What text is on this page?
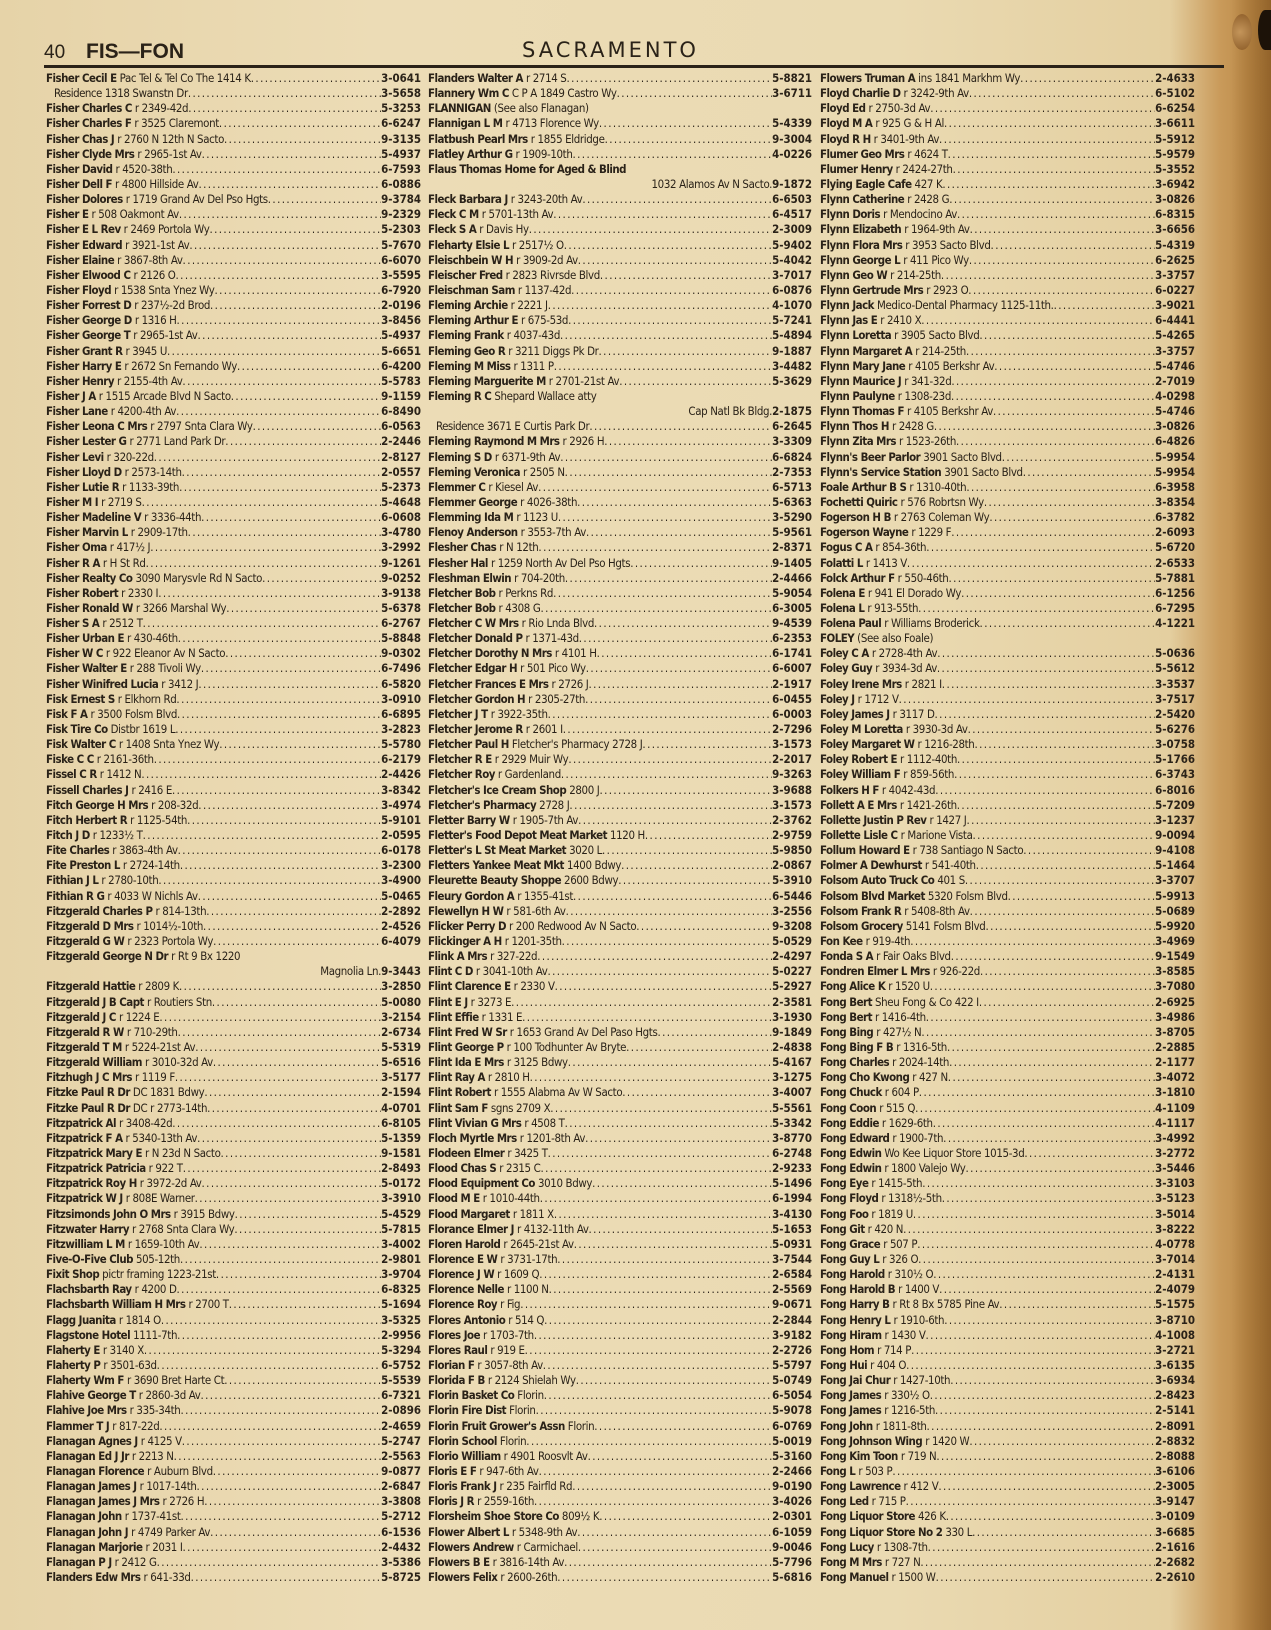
40 FIS—FON	SACRAMENTO
Fisher Cecil E Pac Tel & Tel Co The 1414 K .....	3-0641
Residence 1318 Swanstn Dr .....	3-5658
Fisher Charles C r 2349-42d .....	5-3253
Fisher Charles F r 3525 Claremont .....	6-6247
Fisher Chas J r 2760 N 12th N Sacto .....	9-3135
Fisher Clyde Mrs r 2965-1st Av .....	5-4937
Fisher David r 4520-38th .....	6-7593
Fisher Dell F r 4800 Hillside Av .....	6-0886
Fisher Dolores r 1719 Grand Av Del Pso Hgts .....	9-3784
Fisher E r 508 Oakmont Av .....	9-2329
Fisher E L Rev r 2469 Portola Wy .....	5-2303
Fisher Edward r 3921-1st Av .....	5-7670
Fisher Elaine r 3867-8th Av .....	6-6070
Fisher Elwood C r 2126 O .....	3-5595
Fisher Floyd r 1538 Snta Ynez Wy .....	6-7920
Fisher Forrest D r 237½-2d Brod .....	2-0196
Fisher George D r 1316 H .....	3-8456
Fisher George T r 2965-1st Av .....	5-4937
Fisher Grant R r 3945 U .....	5-6651
Fisher Harry E r 2672 Sn Fernando Wy .....	6-4200
Fisher Henry r 2155-4th Av .....	5-5783
Fisher J A r 1515 Arcade Blvd N Sacto .....	9-1159
Fisher Lane r 4200-4th Av .....	6-8490
Fisher Leona C Mrs r 2797 Snta Clara Wy .....	6-0563
Fisher Lester G r 2771 Land Park Dr .....	2-2446
Fisher Levi r 320-22d .....	2-8127
Fisher Lloyd D r 2573-14th .....	2-0557
Fisher Lutie R r 1133-39th .....	5-2373
Fisher M I r 2719 S .....	5-4648
Fisher Madeline V r 3336-44th .....	6-0608
Fisher Marvin L r 2909-17th .....	3-4780
Fisher Oma r 417½ J .....	3-2992
Fisher R A r H St Rd .....	9-1261
Fisher Realty Co 3090 Marysvle Rd N Sacto .....	9-0252
Fisher Robert r 2330 I .....	3-9138
Fisher Ronald W r 3266 Marshal Wy .....	5-6378
Fisher S A r 2512 T .....	6-2767
Fisher Urban E r 430-46th .....	5-8848
Fisher W C r 922 Eleanor Av N Sacto .....	9-0302
Fisher Walter E r 288 Tivoli Wy .....	6-7496
Fisher Winifred Lucia r 3412 J .....	6-5820
Fisk Ernest S r Elkhorn Rd .....	3-0910
Fisk F A r 3500 Folsm Blvd .....	6-6895
Fisk Tire Co Distbr 1619 L .....	3-2823
Fisk Walter C r 1408 Snta Ynez Wy .....	5-5780
Fiske C C r 2161-36th .....	6-2179
Fissel C R r 1412 N .....	2-4426
Fissell Charles J r 2416 E .....	3-8342
Fitch George H Mrs r 208-32d .....	3-4974
Fitch Herbert R r 1125-54th .....	5-9101
Fitch J D r 1233½ T .....	2-0595
Fite Charles r 3863-4th Av .....	6-0178
Fite Preston L r 2724-14th .....	3-2300
Fithian J L r 2780-10th .....	3-4900
Fithian R G r 4033 W Nichls Av .....	5-0465
Fitzgerald Charles P r 814-13th .....	2-2892
Fitzgerald D Mrs r 1014½-10th .....	2-4526
Fitzgerald G W r 2323 Portola Wy .....	6-4079
Fitzgerald George N Dr r Rt 9 Bx 1220
Magnolia Ln. 9-3443
Fitzgerald Hattie r 2809 K .....	3-2850
Fitzgerald J B Capt r Routiers Stn .....	5-0080
Fitzgerald J C r 1224 E .....	3-2154
Fitzgerald R W r 710-29th .....	2-6734
Fitzgerald T M r 5224-21st Av .....	5-5319
Fitzgerald William r 3010-32d Av .....	5-6516
Fitzhugh J C Mrs r 1119 F .....	3-5177
Fitzke Paul R Dr DC 1831 Bdwy .....	2-1594
Fitzke Paul R Dr DC r 2773-14th .....	4-0701
Fitzpatrick Al r 3408-42d .....	6-8105
Fitzpatrick F A r 5340-13th Av .....	5-1359
Fitzpatrick Mary E r N 23d N Sacto .....	9-1581
Fitzpatrick Patricia r 922 T .....	2-8493
Fitzpatrick Roy H r 3972-2d Av .....	5-0172
Fitzpatrick W J r 808E Warner .....	3-3910
Fitzsimonds John O Mrs r 3915 Bdwy .....	5-4529
Fitzwater Harry r 2768 Snta Clara Wy .....	5-7815
Fitzwilliam L M r 1659-10th Av .....	3-4002
Five-O-Five Club 505-12th .....	2-9801
Fixit Shop pictr framing 1223-21st .....	3-9704
Flachsbarth Ray r 4200 D .....	6-8325
Flachsbarth William H Mrs r 2700 T .....	5-1694
Flagg Juanita r 1814 O .....	3-5325
Flagstone Hotel 1111-7th .....	2-9956
Flaherty E r 3140 X .....	5-3294
Flaherty P r 3501-63d .....	6-5752
Flaherty Wm F r 3690 Bret Harte Ct .....	5-5539
Flahive George T r 2860-3d Av .....	6-7321
Flahive Joe Mrs r 335-34th .....	2-0896
Flammer T J r 817-22d .....	2-4659
Flanagan Agnes J r 4125 V .....	5-2747
Flanagan Ed J Jr r 2213 N .....	2-5563
Flanagan Florence r Auburn Blvd .....	9-0877
Flanagan James J r 1017-14th .....	2-6847
Flanagan James J Mrs r 2726 H .....	3-3808
Flanagan John r 1737-41st .....	5-2712
Flanagan John J r 4749 Parker Av .....	6-1536
Flanagan Marjorie r 2031 I .....	2-4432
Flanagan P J r 2412 G .....	3-5386
Flanders Edw Mrs r 641-33d .....	5-8725
Flanders Walter A r 2714 S .....	5-8821
Flannery Wm C C P A 1849 Castro Wy .....	3-6711
FLANNIGAN (See also Flanagan)
Flannigan L M r 4713 Florence Wy .....	5-4339
Flatbush Pearl Mrs r 1855 Eldridge .....	9-3004
Flatley Arthur G r 1909-10th .....	4-0226
Flaus Thomas Home for Aged & Blind
1032 Alamos Av N Sacto. 9-1872
Fleck Barbara J r 3243-20th Av .....	6-6503
Fleck C M r 5701-13th Av .....	6-4517
Fleck S A r Davis Hy .....	2-3009
Fleharty Elsie L r 2517½ O .....	5-9402
Fleischbein W H r 3909-2d Av .....	5-4042
Fleischer Fred r 2823 Rivrsde Blvd .....	3-7017
Fleischman Sam r 1137-42d .....	6-0876
Fleming Archie r 2221 J .....	4-1070
Fleming Arthur E r 675-53d .....	5-7241
Fleming Frank r 4037-43d .....	5-4894
Fleming Geo R r 3211 Diggs Pk Dr .....	9-1887
Fleming M Miss r 1311 P .....	3-4482
Fleming Marguerite M r 2701-21st Av .....	5-3629
Fleming R C Shepard Wallace atty
Cap Natl Bk Bldg. 2-1875
Residence 3671 E Curtis Park Dr .....	6-2645
Fleming Raymond M Mrs r 2926 H .....	3-3309
Fleming S D r 6371-9th Av .....	6-6824
Fleming Veronica r 2505 N .....	2-7353
Flemmer C r Kiesel Av .....	6-5713
Flemmer George r 4026-38th .....	5-6363
Flemming Ida M r 1123 U .....	3-5290
Flenoy Anderson r 3553-7th Av .....	5-9561
Flesher Chas r N 12th .....	2-8371
Flesher Hal r 1259 North Av Del Pso Hgts .....	9-1405
Fleshman Elwin r 704-20th .....	2-4466
Fletcher Bob r Perkns Rd .....	5-9054
Fletcher Bob r 4308 G .....	6-3005
Fletcher C W Mrs r Rio Lnda Blvd .....	9-4539
Fletcher Donald P r 1371-43d .....	6-2353
Fletcher Dorothy N Mrs r 4101 H .....	6-1741
Fletcher Edgar H r 501 Pico Wy .....	6-6007
Fletcher Frances E Mrs r 2726 J .....	2-1917
Fletcher Gordon H r 2305-27th .....	6-0455
Fletcher J T r 3922-35th .....	6-0003
Fletcher Jerome R r 2601 I .....	2-7296
Fletcher Paul H Fletcher's Pharmacy 2728 J .....	3-1573
Fletcher R E r 2929 Muir Wy .....	2-2017
Fletcher Roy r Gardenland .....	9-3263
Fletcher's Ice Cream Shop 2800 J .....	3-9688
Fletcher's Pharmacy 2728 J .....	3-1573
Fletter Barry W r 1905-7th Av .....	2-3762
Fletter's Food Depot Meat Market 1120 H .....	2-9759
Fletter's L St Meat Market 3020 L .....	5-9850
Fletters Yankee Meat Mkt 1400 Bdwy .....	2-0867
Fleurette Beauty Shoppe 2600 Bdwy .....	5-3910
Fleury Gordon A r 1355-41st .....	6-5446
Flewellyn H W r 581-6th Av .....	3-2556
Flicker Perry D r 200 Redwood Av N Sacto .....	9-3208
Flickinger A H r 1201-35th .....	5-0529
Flink A Mrs r 327-22d .....	2-4297
Flint C D r 3041-10th Av .....	5-0227
Flint Clarence E r 2330 V .....	5-2927
Flint E J r 3273 E .....	2-3581
Flint Effie r 1331 E .....	3-1930
Flint Fred W Sr r 1653 Grand Av Del Paso Hgts .....	9-1849
Flint George P r 100 Todhunter Av Bryte .....	2-4838
Flint Ida E Mrs r 3125 Bdwy .....	5-4167
Flint Ray A r 2810 H .....	3-1275
Flint Robert r 1555 Alabma Av W Sacto .....	3-4007
Flint Sam F sgns 2709 X .....	5-5561
Flint Vivian G Mrs r 4508 T .....	5-3342
Floch Myrtle Mrs r 1201-8th Av .....	3-8770
Flodeen Elmer r 3425 T .....	6-2748
Flood Chas S r 2315 C .....	2-9233
Flood Equipment Co 3010 Bdwy .....	5-1496
Flood M E r 1010-44th .....	6-1994
Flood Margaret r 1811 X .....	3-4130
Florance Elmer J r 4132-11th Av .....	5-1653
Floren Harold r 2645-21st Av .....	5-0931
Florence E W r 3731-17th .....	3-7544
Florence J W r 1609 Q .....	2-6584
Florence Nelle r 1100 N .....	2-5569
Florence Roy r Fig .....	9-0671
Flores Antonio r 514 Q .....	2-2844
Flores Joe r 1703-7th .....	3-9182
Flores Raul r 919 E .....	2-2726
Florian F r 3057-8th Av .....	5-5797
Florida F B r 2124 Shielah Wy .....	5-0749
Florin Basket Co Florin .....	6-5054
Florin Fire Dist Florin .....	5-9078
Florin Fruit Grower's Assn Florin .....	6-0769
Florin School Florin .....	5-0019
Florio William r 4901 Roosvlt Av .....	5-3160
Floris E F r 947-6th Av .....	2-2466
Floris Frank J r 235 Fairfld Rd .....	9-0190
Floris J R r 2559-16th .....	3-4026
Florsheim Shoe Store Co 809½ K .....	2-0301
Flower Albert L r 5348-9th Av .....	6-1059
Flowers Andrew r Carmichael .....	9-0046
Flowers B E r 3816-14th Av .....	5-7796
Flowers Felix r 2600-26th .....	5-6816
Flowers Truman A ins 1841 Markhm Wy .....	2-4633
Floyd Charlie D r 3242-9th Av .....	6-5102
Floyd Ed r 2750-3d Av .....	6-6254
Floyd M A r 925 G & H Al .....	3-6611
Floyd R H r 3401-9th Av .....	5-5912
Flumer Geo Mrs r 4624 T .....	5-9579
Flumer Henry r 2424-27th .....	5-3552
Flying Eagle Cafe 427 K .....	3-6942
Flynn Catherine r 2428 G .....	3-0826
Flynn Doris r Mendocino Av .....	6-8315
Flynn Elizabeth r 1964-9th Av .....	3-6656
Flynn Flora Mrs r 3953 Sacto Blvd .....	5-4319
Flynn George L r 411 Pico Wy .....	6-2625
Flynn Geo W r 214-25th .....	3-3757
Flynn Gertrude Mrs r 2923 O .....	6-0227
Flynn Jack Medico-Dental Pharmacy 1125-11th. .....	3-9021
Flynn Jas E r 2410 X .....	6-4441
Flynn Loretta r 3905 Sacto Blvd .....	5-4265
Flynn Margaret A r 214-25th .....	3-3757
Flynn Mary Jane r 4105 Berkshr Av .....	5-4746
Flynn Maurice J r 341-32d .....	2-7019
Flynn Paulyne r 1308-23d .....	4-0298
Flynn Thomas F r 4105 Berkshr Av .....	5-4746
Flynn Thos H r 2428 G .....	3-0826
Flynn Zita Mrs r 1523-26th .....	6-4826
Flynn's Beer Parlor 3901 Sacto Blvd .....	5-9954
Flynn's Service Station 3901 Sacto Blvd .....	5-9954
Foale Arthur B S r 1310-40th .....	6-3958
Fochetti Quiric r 576 Robrtsn Wy .....	3-8354
Fogerson H B r 2763 Coleman Wy .....	6-3782
Fogerson Wayne r 1229 F .....	2-6093
Fogus C A r 854-36th .....	5-6720
Folatti L r 1413 V .....	2-6533
Folck Arthur F r 550-46th .....	5-7881
Folena E r 941 El Dorado Wy .....	6-1256
Folena L r 913-55th .....	6-7295
Folena Paul r Williams Broderick .....	4-1221
FOLEY (See also Foale)
Foley C A r 2728-4th Av .....	5-0636
Foley Guy r 3934-3d Av .....	5-5612
Foley Irene Mrs r 2821 I .....	3-3537
Foley J r 1712 V .....	3-7517
Foley James J r 3117 D .....	2-5420
Foley M Loretta r 3930-3d Av .....	5-6276
Foley Margaret W r 1216-28th .....	3-0758
Foley Robert E r 1112-40th .....	5-1766
Foley William F r 859-56th .....	6-3743
Folkers H F r 4042-43d .....	6-8016
Follett A E Mrs r 1421-26th .....	5-7209
Follette Justin P Rev r 1427 J .....	3-1237
Follette Lisle C r Marione Vista .....	9-0094
Follum Howard E r 738 Santiago N Sacto .....	9-4108
Folmer A Dewhurst r 541-40th .....	5-1464
Folsom Auto Truck Co 401 S .....	3-3707
Folsom Blvd Market 5320 Folsm Blvd .....	5-9913
Folsom Frank R r 5408-8th Av .....	5-0689
Folsom Grocery 5141 Folsm Blvd .....	5-9920
Fon Kee r 919-4th .....	3-4969
Fonda S A r Fair Oaks Blvd .....	9-1549
Fondren Elmer L Mrs r 926-22d .....	3-8585
Fong Alice K r 1520 U .....	3-7080
Fong Bert Sheu Fong & Co 422 I .....	2-6925
Fong Bert r 1416-4th .....	3-4986
Fong Bing r 427½ N .....	3-8705
Fong Bing F B r 1316-5th .....	2-2885
Fong Charles r 2024-14th .....	2-1177
Fong Cho Kwong r 427 N .....	3-4072
Fong Chuck r 604 P .....	3-1810
Fong Coon r 515 Q .....	4-1109
Fong Eddie r 1629-6th .....	4-1117
Fong Edward r 1900-7th .....	3-4992
Fong Edwin Wo Kee Liquor Store 1015-3d .....	3-2772
Fong Edwin r 1800 Valejo Wy .....	3-5446
Fong Eye r 1415-5th .....	3-3103
Fong Floyd r 1318½-5th .....	3-5123
Fong Foo r 1819 U .....	3-5014
Fong Git r 420 N .....	3-8222
Fong Grace r 507 P .....	4-0778
Fong Guy L r 326 O .....	3-7014
Fong Harold r 310½ O .....	2-4131
Fong Harold B r 1400 V .....	2-4079
Fong Harry B r Rt 8 Bx 5785 Pine Av .....	5-1575
Fong Henry L r 1910-6th .....	3-8710
Fong Hiram r 1430 V .....	4-1008
Fong Hom r 714 P .....	3-2721
Fong Hui r 404 O .....	3-6135
Fong Jai Chur r 1427-10th .....	3-6934
Fong James r 330½ O .....	2-8423
Fong James r 1216-5th .....	2-5141
Fong John r 1811-8th .....	2-8091
Fong Johnson Wing r 1420 W .....	2-8832
Fong Kim Toon r 719 N .....	2-8088
Fong L r 503 P .....	3-6106
Fong Lawrence r 412 V .....	2-3005
Fong Led r 715 P .....	3-9147
Fong Liquor Store 426 K .....	3-0109
Fong Liquor Store No 2 330 L .....	3-6685
Fong Lucy r 1308-7th .....	2-1616
Fong M Mrs r 727 N .....	2-2682
Fong Manuel r 1500 W .....	2-2610
